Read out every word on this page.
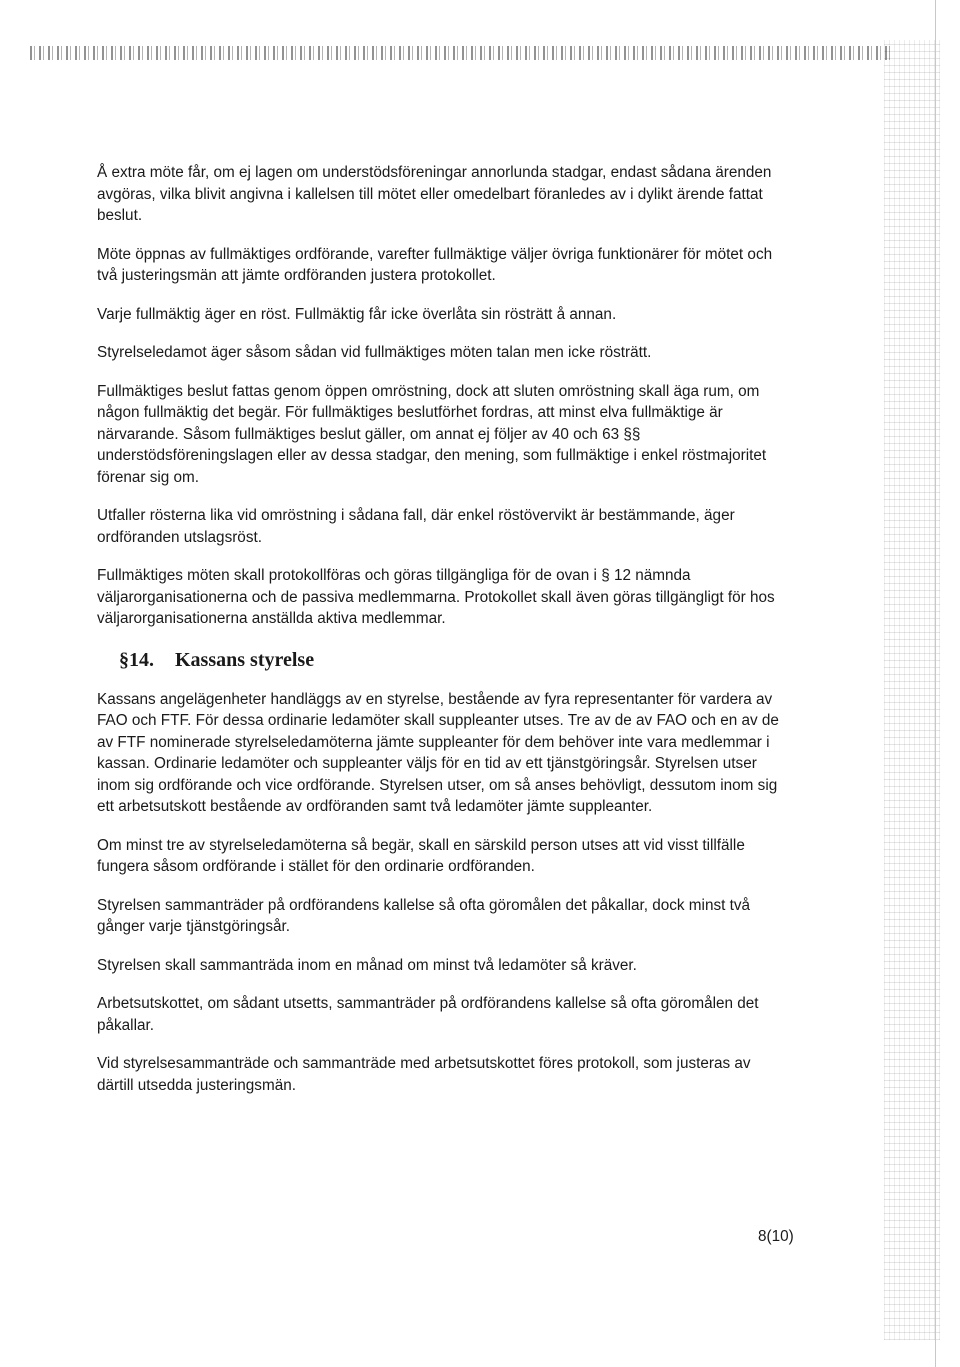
Å extra möte får, om ej lagen om understödsföreningar annorlunda stadgar, endast sådana ärenden avgöras, vilka blivit angivna i kallelsen till mötet eller omedelbart föranledes av i dylikt ärende fattat beslut.

Möte öppnas av fullmäktiges ordförande, varefter fullmäktige väljer övriga funktionärer för mötet och två justeringsmän att jämte ordföranden justera protokollet.

Varje fullmäktig äger en röst. Fullmäktig får icke överlåta sin rösträtt å annan.

Styrelseledamot äger såsom sådan vid fullmäktiges möten talan men icke rösträtt.

Fullmäktiges beslut fattas genom öppen omröstning, dock att sluten omröstning skall äga rum, om någon fullmäktig det begär. För fullmäktiges beslutförhet fordras, att minst elva fullmäktige är närvarande. Såsom fullmäktiges beslut gäller, om annat ej följer av 40 och 63 §§ understödsföreningslagen eller av dessa stadgar, den mening, som fullmäktige i enkel röstmajoritet förenar sig om.

Utfaller rösterna lika vid omröstning i sådana fall, där enkel röstövervikt är bestämmande, äger ordföranden utslagsröst.

Fullmäktiges möten skall protokollföras och göras tillgängliga för de ovan i § 12 nämnda väljarorganisationerna och de passiva medlemmarna. Protokollet skall även göras tillgängligt för hos väljarorganisationerna anställda aktiva medlemmar.

§14. Kassans styrelse

Kassans angelägenheter handläggs av en styrelse, bestående av fyra representanter för vardera av FAO och FTF. För dessa ordinarie ledamöter skall suppleanter utses. Tre av de av FAO och en av de av FTF nominerade styrelseledamöterna jämte suppleanter för dem behöver inte vara medlemmar i kassan. Ordinarie ledamöter och suppleanter väljs för en tid av ett tjänstgöringsår. Styrelsen utser inom sig ordförande och vice ordförande. Styrelsen utser, om så anses behövligt, dessutom inom sig ett arbetsutskott bestående av ordföranden samt två ledamöter jämte suppleanter.

Om minst tre av styrelseledamöterna så begär, skall en särskild person utses att vid visst tillfälle fungera såsom ordförande i stället för den ordinarie ordföranden.

Styrelsen sammanträder på ordförandens kallelse så ofta göromålen det påkallar, dock minst två gånger varje tjänstgöringsår.

Styrelsen skall sammanträda inom en månad om minst två ledamöter så kräver.

Arbetsutskottet, om sådant utsetts, sammanträder på ordförandens kallelse så ofta göromålen det påkallar.

Vid styrelsesammanträde och sammanträde med arbetsutskottet föres protokoll, som justeras av därtill utsedda justeringsmän.

8(10)
